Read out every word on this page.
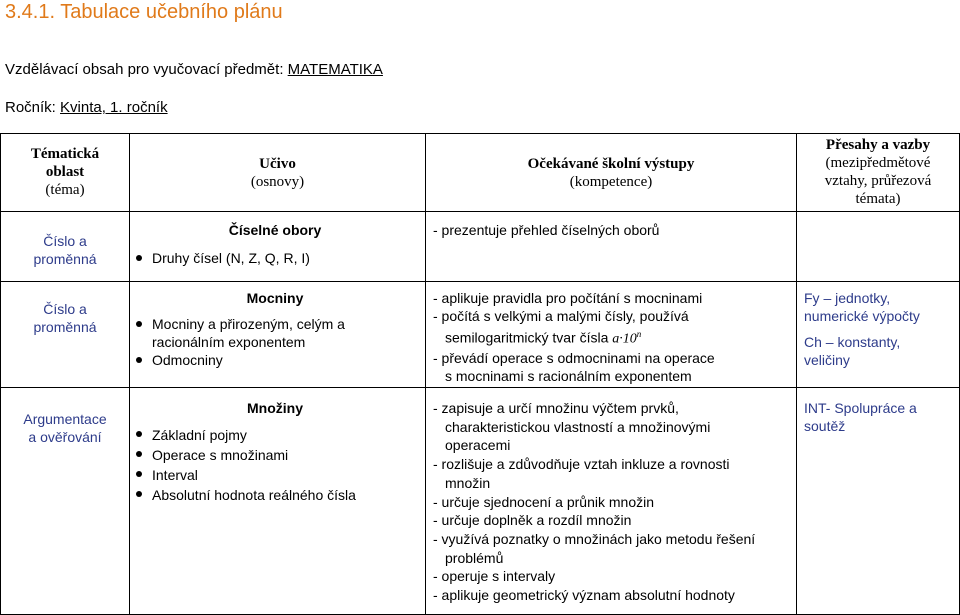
3.4.1. Tabulace učebního plánu
Vzdělávací obsah pro vyučovací předmět: MATEMATIKA
Ročník: Kvinta, 1. ročník
Tématická
oblast
(téma)
Učivo
(osnovy)
Očekávané školní výstupy
(kompetence)
Přesahy a vazby
(mezipředmětové
vztahy, průřezová
témata)
Číslo a
proměnná
Číselné obory
Druhy čísel (N, Z, Q, R, I)
- prezentuje přehled číselných oborů
Číslo a
proměnná
Mocniny
Mocniny a přirozeným, celým a
racionálním exponentem
Odmocniny
- aplikuje pravidla pro počítání s mocninami
- počítá s velkými a malými čísly, používá
semilogaritmický tvar čísla $a\cdot 10^n$
- převádí operace s odmocninami na operace
s mocninami s racionálním exponentem
Fy – jednotky,
numerické výpočty
Ch – konstanty,
veličiny
Argumentace
a ověřování
Množiny
Základní pojmy
Operace s množinami
Interval
Absolutní hodnota reálného čísla
- zapisuje a určí množinu výčtem prvků,
charakteristickou vlastností a množinovými
operacemi
- rozlišuje a zdůvodňuje vztah inkluze a rovnosti
množin
- určuje sjednocení a průnik množin
- určuje doplněk a rozdíl množin
- využívá poznatky o množinách jako metodu řešení
problémů
- operuje s intervaly
- aplikuje geometrický význam absolutní hodnoty
INT- Spolupráce a
soutěž
